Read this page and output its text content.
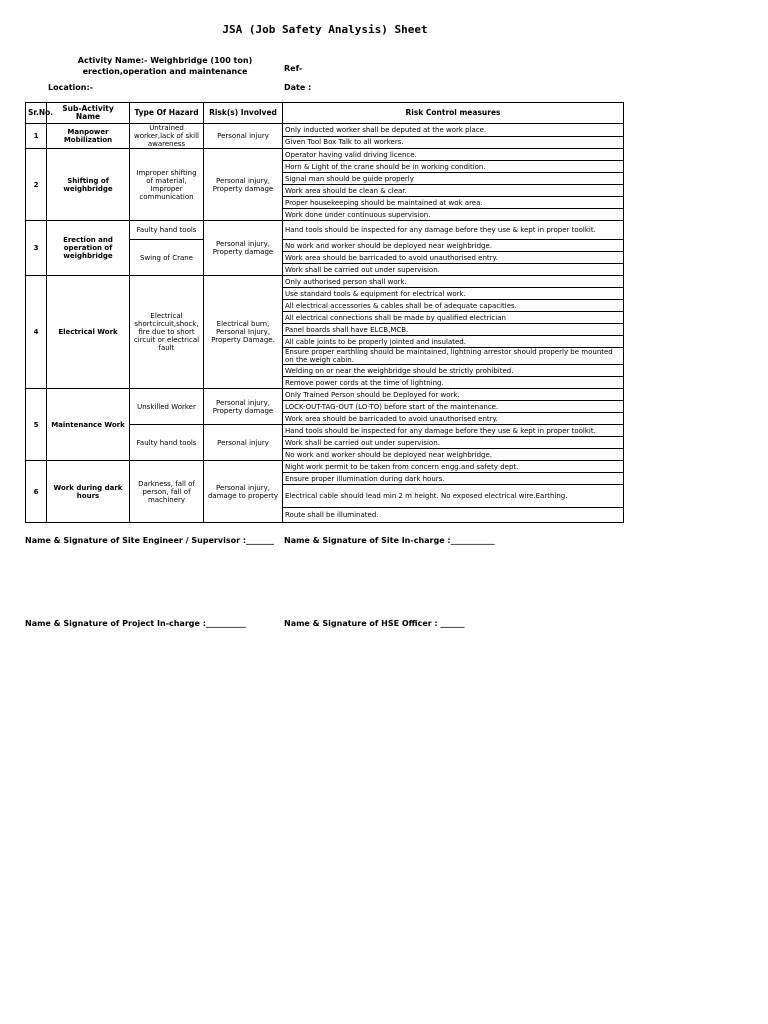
JSA (Job Safety Analysis) Sheet
Activity Name:- Weighbridge (100 ton) erection,operation and maintenance	Ref-
Location:-	Date :
Sr.No.	Sub-Activity Name	Type Of Hazard	Risk(s) Involved	Risk Control measures
1	Manpower Mobilization	Untrained worker,lack of skill awareness	Personal injury	Only inducted worker shall be deputed at the work place.
				Given Tool Box Talk to all workers.
2	Shifting of weighbridge	Improper shifting of material, Improper communication	Personal injury, Property damage	Operator having valid driving licence.
				Horn & Light of the crane should be in working condition.
				Signal man should be guide properly
				Work area should be clean & clear.
				Proper housekeeping should be maintained at wok area.
				Work done under continuous supervision.
3	Erection and operation of weighbridge	Faulty hand tools	Personal injury, Property damage	Hand tools should be inspected for any damage before they use & kept in proper toolkit.
		Swing of Crane		No work and worker should be deployed near weighbridge.
				Work area should be barricaded to avoid unauthorised entry.
				Work shall be carried out under supervision.
4	Electrical Work	Electrical shortcircuit,shock, fire due to short circuit or electrical fault	Electrical burn, Personal Injury, Property Damage.	Only authorised person shall work.
				Use standard tools & equipment for electrical work.
				All electrical accessories & cables shall be of adequate capacities.
				All electrical connections shall be made by qualified electrician
				Panel boards shall have ELCB,MCB.
				All cable joints to be properly jointed and insulated.
				Ensure proper earthling should be maintained, lightning arrestor should properly be mounted on the weigh cabin.
				Welding on or near the weighbridge should be strictly prohibited.
				Remove power cords at the time of lightning.
5	Maintenance Work	Unskilled Worker	Personal injury, Property damage	Only Trained Person should be Deployed for work.
				LOCK-OUT-TAG-OUT (LO-TO) before start of the maintenance.
				Work area should be barricaded to avoid unauthorised entry.
		Faulty hand tools	Personal injury	Hand tools should be inspected for any damage before they use & kept in proper toolkit.
				Work shall be carried out under supervision.
				No work and worker should be deployed near weighbridge.
6	Work during dark hours	Darkness, fall of person, fall of machinery	Personal injury, damage to property	Night work permit to be taken from concern engg.and safety dept.
				Ensure proper illumination during dark hours.
				Electrical cable should lead min 2 m height. No exposed electrical wire.Earthing.
				Route shall be illuminated.
Name & Signature of Site Engineer / Supervisor :_______ Name & Signature of Site In-charge :___________
Name & Signature of Project In-charge :__________	Name & Signature of HSE Officer : ______
